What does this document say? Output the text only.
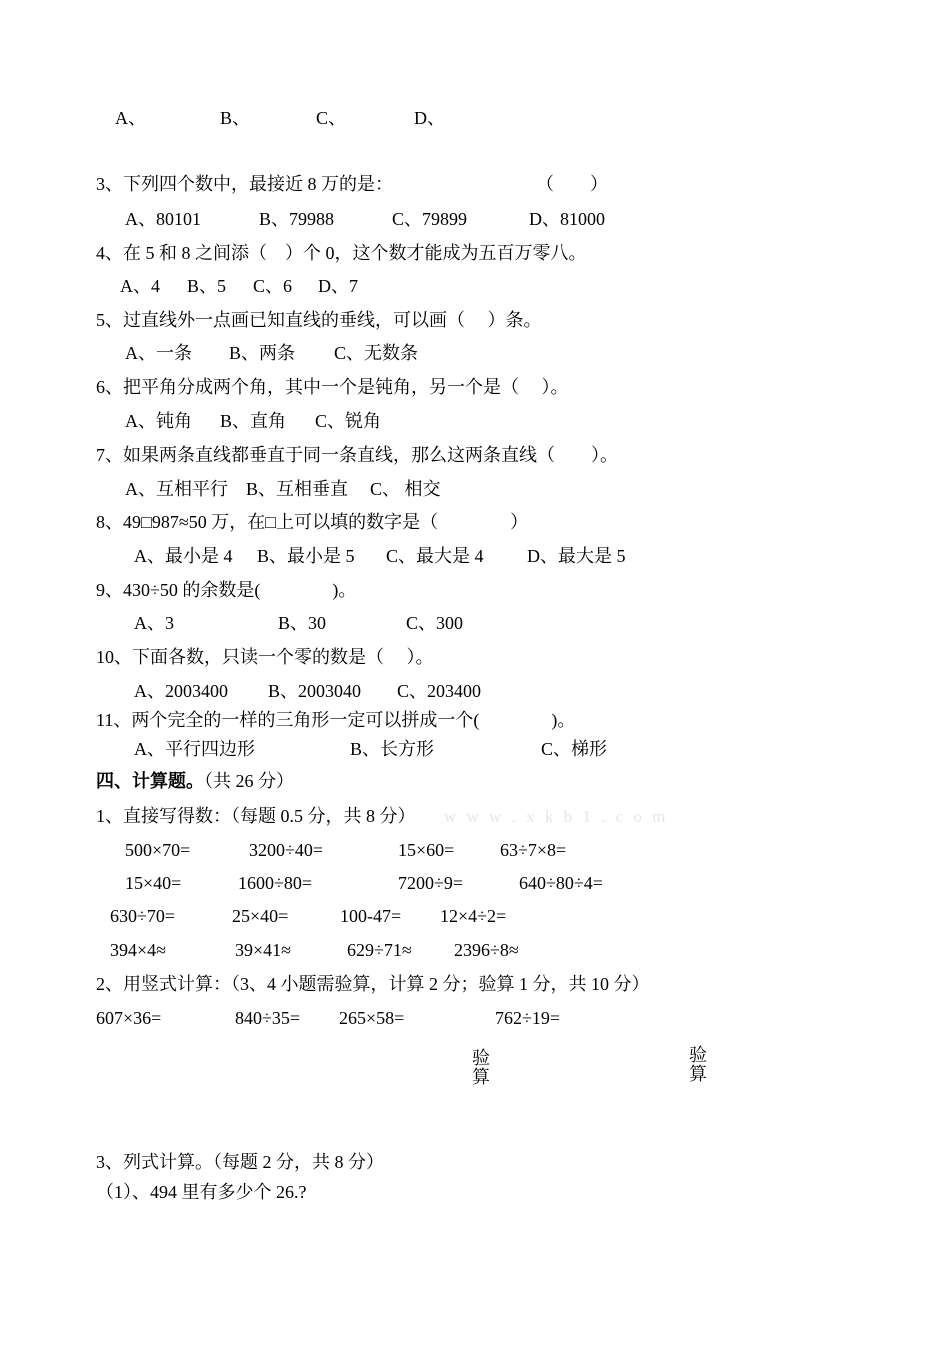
A、	B、	C、	D、
3、下列四个数中，最接近 8 万的是：	（　　）
A、80101	B、79988	C、79899	D、81000
4、在 5 和 8 之间添（　）个 0，这个数才能成为五百万零八。
A、4 B、5 C、6 D、7
5、过直线外一点画已知直线的垂线，可以画（　 ）条。
A、一条 B、两条 C、无数条
6、把平角分成两个角，其中一个是钝角，另一个是（　 ）。
A、钝角 B、直角 C、锐角
7、如果两条直线都垂直于同一条直线，那么这两条直线（　　）。
A、互相平行 B、互相垂直 C、 相交
8、49□987≈50 万，在□上可以填的数字是（　　　　）
A、最小是 4 B、最小是 5 C、最大是 4 D、最大是 5
9、430÷50 的余数是(　　　　)。
A、3	B、30	C、300
10、下面各数，只读一个零的数是（　 ）。
A、2003400 B、2003040 C、203400
11、两个完全的一样的三角形一定可以拼成一个(　　　　)。
A、平行四边形	B、长方形	C、梯形
四、计算题。（共 26 分）
1、直接写得数：（每题 0.5 分，共 8 分） w w w . x k b 1 . c o m
500×70=	3200÷40=	15×60=	63÷7×8=
15×40=	1600÷80=	7200÷9=	640÷80÷4=
630÷70=	25×40=	100-47= 12×4÷2=
394×4≈	39×41≈	629÷71≈ 2396÷8≈
2、用竖式计算：（3、4 小题需验算，计算 2 分；验算 1 分，共 10 分）
607×36=	840÷35= 265×58=	762÷19=
验
算
验
算
3、列式计算。（每题 2 分，共 8 分）
（1）、494 里有多少个 26.?
